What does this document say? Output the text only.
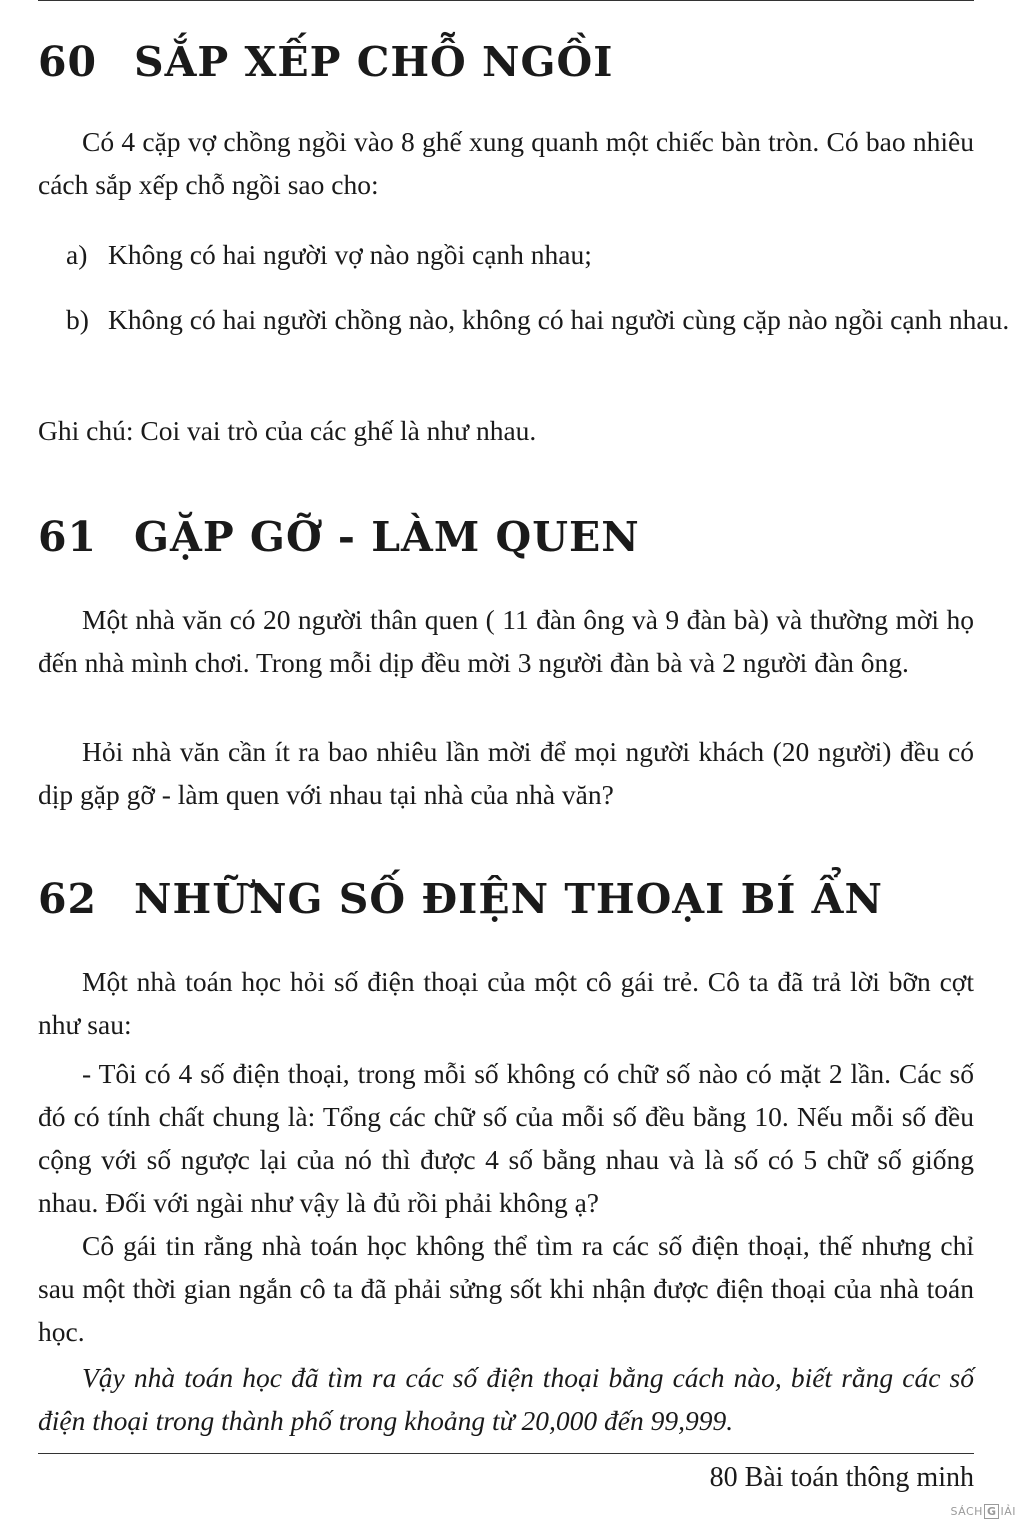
60 SẮP XẾP CHỖ NGỒI

Có 4 cặp vợ chồng ngồi vào 8 ghế xung quanh một chiếc bàn tròn. Có bao nhiêu cách sắp xếp chỗ ngồi sao cho:

a) Không có hai người vợ nào ngồi cạnh nhau;

b) Không có hai người chồng nào, không có hai người cùng cặp nào ngồi cạnh nhau.

Ghi chú: Coi vai trò của các ghế là như nhau.

61 GẶP GỠ - LÀM QUEN

Một nhà văn có 20 người thân quen ( 11 đàn ông và 9 đàn bà) và thường mời họ đến nhà mình chơi. Trong mỗi dịp đều mời 3 người đàn bà và 2 người đàn ông.

Hỏi nhà văn cần ít ra bao nhiêu lần mời để mọi người khách (20 người) đều có dịp gặp gỡ - làm quen với nhau tại nhà của nhà văn?

62 NHỮNG SỐ ĐIỆN THOẠI BÍ ẨN

Một nhà toán học hỏi số điện thoại của một cô gái trẻ. Cô ta đã trả lời bỡn cợt như sau:

- Tôi có 4 số điện thoại, trong mỗi số không có chữ số nào có mặt 2 lần. Các số đó có tính chất chung là: Tổng các chữ số của mỗi số đều bằng 10. Nếu mỗi số đều cộng với số ngược lại của nó thì được 4 số bằng nhau và là số có 5 chữ số giống nhau. Đối với ngài như vậy là đủ rồi phải không ạ?

Cô gái tin rằng nhà toán học không thể tìm ra các số điện thoại, thế nhưng chỉ sau một thời gian ngắn cô ta đã phải sửng sốt khi nhận được điện thoại của nhà toán học.

Vậy nhà toán học đã tìm ra các số điện thoại bằng cách nào, biết rằng các số điện thoại trong thành phố trong khoảng từ 20,000 đến 99,999.

80 Bài toán thông minh

SÁCH G IẢI
